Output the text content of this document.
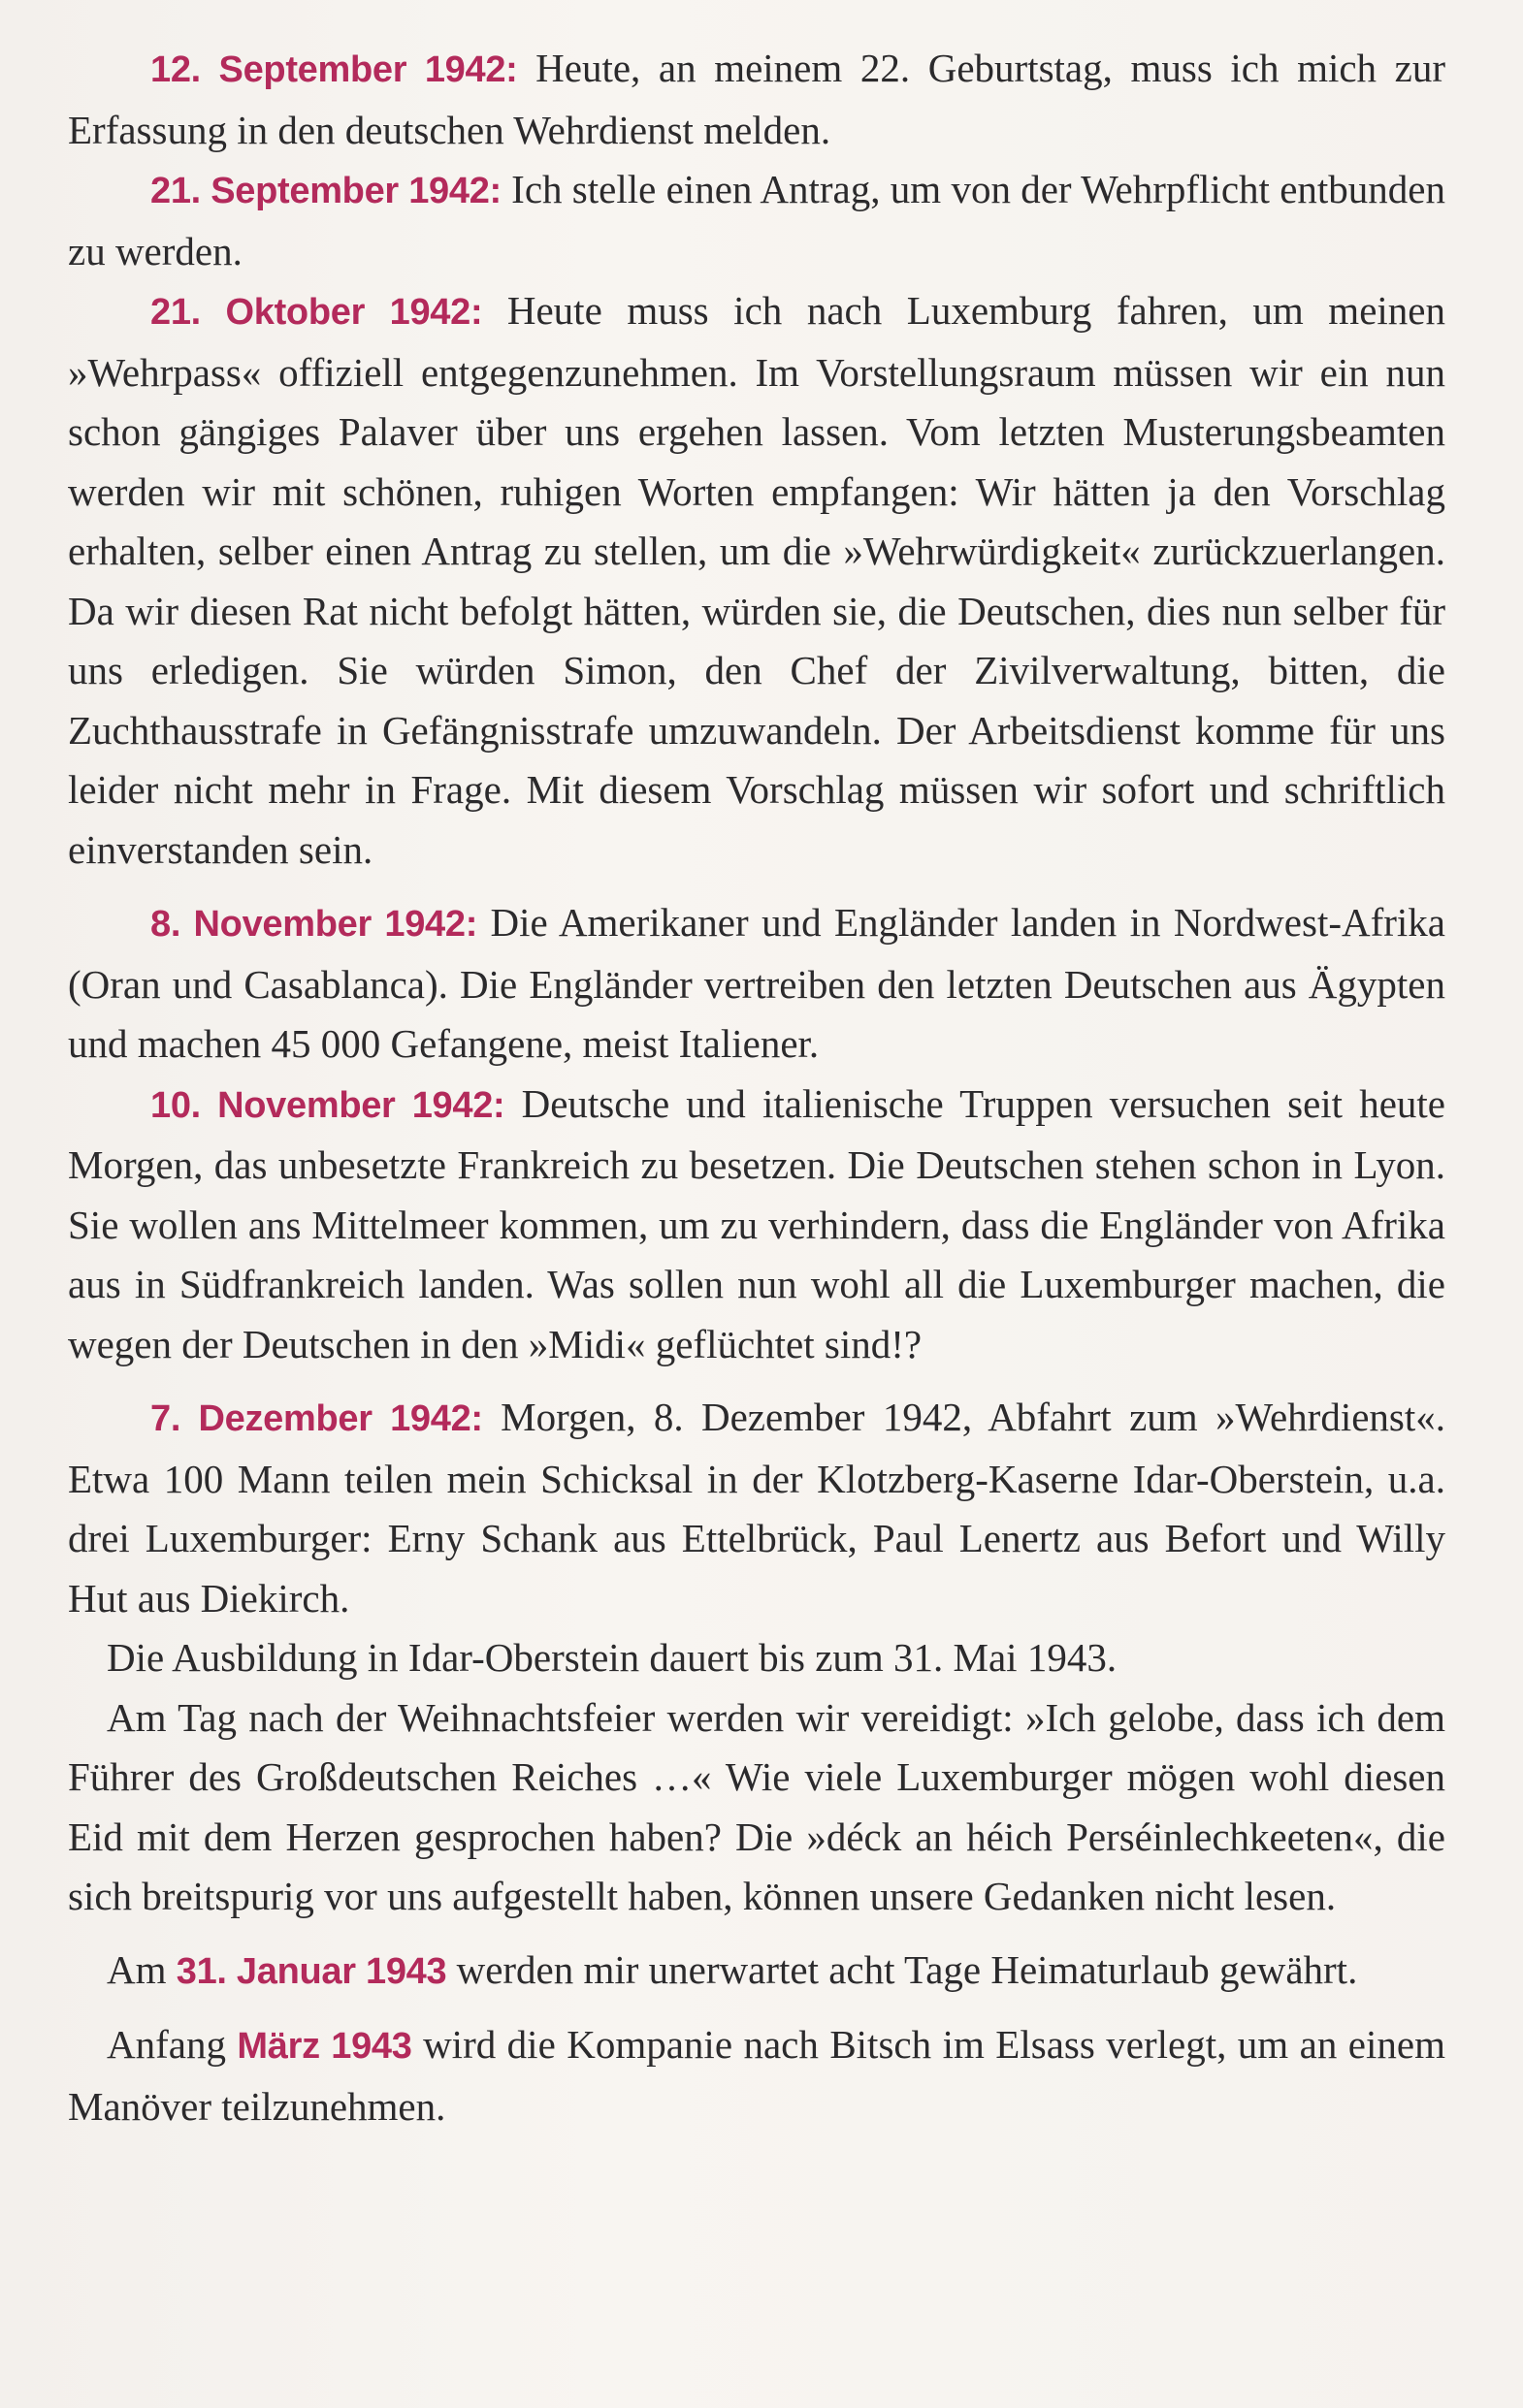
12. September 1942: Heute, an meinem 22. Geburtstag, muss ich mich zur Erfassung in den deutschen Wehrdienst melden.

21. September 1942: Ich stelle einen Antrag, um von der Wehrpflicht entbunden zu werden.

21. Oktober 1942: Heute muss ich nach Luxemburg fahren, um meinen »Wehrpass« offiziell entgegenzunehmen. Im Vorstellungsraum müssen wir ein nun schon gängiges Palaver über uns ergehen lassen. Vom letzten Musterungsbeamten werden wir mit schönen, ruhigen Worten empfangen: Wir hätten ja den Vorschlag erhalten, selber einen Antrag zu stellen, um die »Wehrwürdigkeit« zurückzuerlangen. Da wir diesen Rat nicht befolgt hätten, würden sie, die Deutschen, dies nun selber für uns erledigen. Sie würden Simon, den Chef der Zivilverwaltung, bitten, die Zuchthausstrafe in Gefängnisstrafe umzuwandeln. Der Arbeitsdienst komme für uns leider nicht mehr in Frage. Mit diesem Vorschlag müssen wir sofort und schriftlich einverstanden sein.

8. November 1942: Die Amerikaner und Engländer landen in Nordwest-Afrika (Oran und Casablanca). Die Engländer vertreiben den letzten Deutschen aus Ägypten und machen 45 000 Gefangene, meist Italiener.

10. November 1942: Deutsche und italienische Truppen versuchen seit heute Morgen, das unbesetzte Frankreich zu besetzen. Die Deutschen stehen schon in Lyon. Sie wollen ans Mittelmeer kommen, um zu verhindern, dass die Engländer von Afrika aus in Südfrankreich landen. Was sollen nun wohl all die Luxemburger machen, die wegen der Deutschen in den »Midi« geflüchtet sind!?

7. Dezember 1942: Morgen, 8. Dezember 1942, Abfahrt zum »Wehrdienst«. Etwa 100 Mann teilen mein Schicksal in der Klotzberg-Kaserne Idar-Oberstein, u.a. drei Luxemburger: Erny Schank aus Ettelbrück, Paul Lenertz aus Befort und Willy Hut aus Diekirch.

Die Ausbildung in Idar-Oberstein dauert bis zum 31. Mai 1943.

Am Tag nach der Weihnachtsfeier werden wir vereidigt: »Ich gelobe, dass ich dem Führer des Großdeutschen Reiches …« Wie viele Luxemburger mögen wohl diesen Eid mit dem Herzen gesprochen haben? Die »déck an héich Perséinlechkeeten«, die sich breitspurig vor uns aufgestellt haben, können unsere Gedanken nicht lesen.

Am 31. Januar 1943 werden mir unerwartet acht Tage Heimaturlaub gewährt.

Anfang März 1943 wird die Kompanie nach Bitsch im Elsass verlegt, um an einem Manöver teilzunehmen.
